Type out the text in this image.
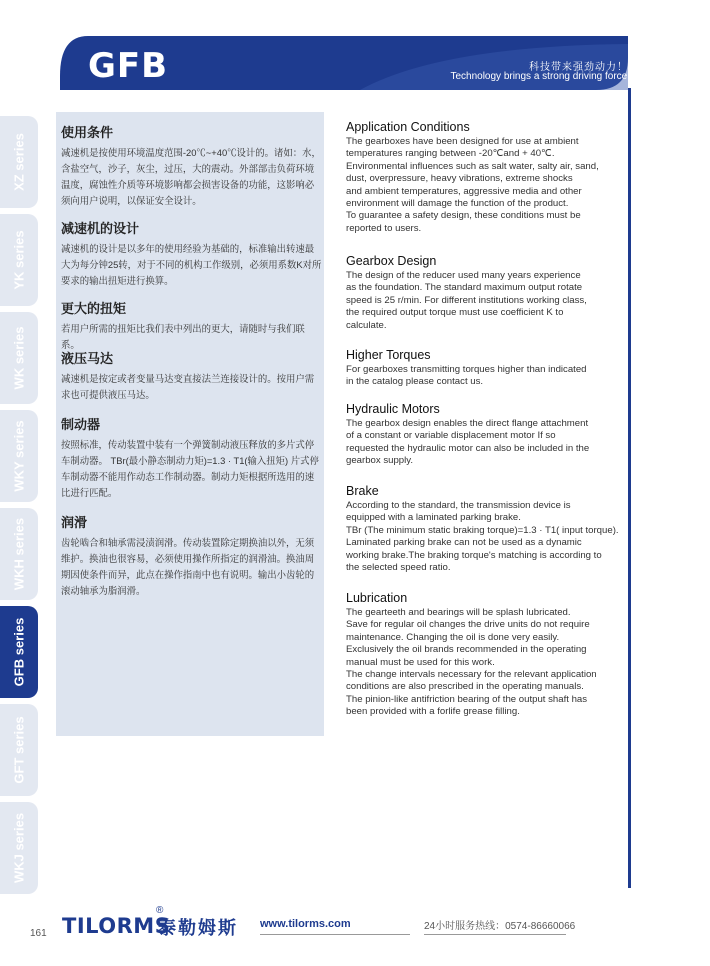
GFB	科技带来强劲动力！
Technology brings a strong driving force!
XZ series
YK series
WK series
WKY series
WKH series
GFB series
GFT series
WKJ series

使用条件

减速机是按使用环境温度范围-20℃~+40℃设计的。诸如：水，含盐空气，沙子，灰尘，过压，大的震动。外部部击负荷环境温度，腐蚀性介质等环境影响都会损害设备的功能，这影响必须向用户说明，以保证安全设计。

减速机的设计

减速机的设计是以多年的使用经验为基础的，标准输出转速最大为每分钟25转，对于不同的机构工作级别，必须用系数K对所要求的输出扭矩进行换算。

更大的扭矩

若用户所需的扭矩比我们表中列出的更大，请随时与我们联系。

液压马达

减速机是按定或者变量马达变直接法兰连接设计的。按用户需求也可提供液压马达。

制动器

按照标准，传动装置中装有一个弹簧制动液压释放的多片式停车制动器。 TBr(最小静态制动力矩)=1.3 · T1(输入扭矩) 片式停车制动器不能用作动态工作制动器。制动力矩根据所选用的速比进行匹配。

润滑

齿轮啮合和轴承需浸渍润滑。传动装置除定期换油以外，无须维护。换油也很容易，必须使用操作所指定的润滑油。换油周期因使条件而异，此点在操作指南中也有说明。输出小齿轮的滚动轴承为脂润滑。

Application Conditions

The gearboxes have been designed for use at ambient
temperatures ranging between -20℃and + 40℃.
Environmental influences such as salt water, salty air, sand,
dust, overpressure, heavy vibrations, extreme shocks
and ambient temperatures, aggressive media and other
environment will damage the function of the product.
To guarantee a safety design, these conditions must be
reported to users.

Gearbox Design

The design of the reducer used many years experience
as the foundation. The standard maximum output rotate
speed is 25 r/min. For different institutions working class,
the required output torque must use coefficient K to
calculate.

Higher Torques

For gearboxes transmitting torques higher than indicated
in the catalog please contact us.

Hydraulic Motors

The gearbox design enables the direct flange attachment
of a constant or variable displacement motor If so
requested the hydraulic motor can also be included in the
gearbox supply.

Brake

According to the standard, the transmission device is
equipped with a laminated parking brake.
TBr (The minimum static braking torque)=1.3 · T1( input torque).
Laminated parking brake can not be used as a dynamic
working brake.The braking torque's matching is according to
the selected speed ratio.

Lubrication

The gearteeth and bearings will be splash lubricated.
Save for regular oil changes the drive units do not require
maintenance. Changing the oil is done very easily.
Exclusively the oil brands recommended in the operating
manual must be used for this work.
The change intervals necessary for the relevant application
conditions are also prescribed in the operating manuals.
The pinion-like antifriction bearing of the output shaft has
been provided with a forlife grease filling.

161 TILORMS
®
泰勒姆斯 www.tilorms.com	24小时服务热线：0574-86660066
